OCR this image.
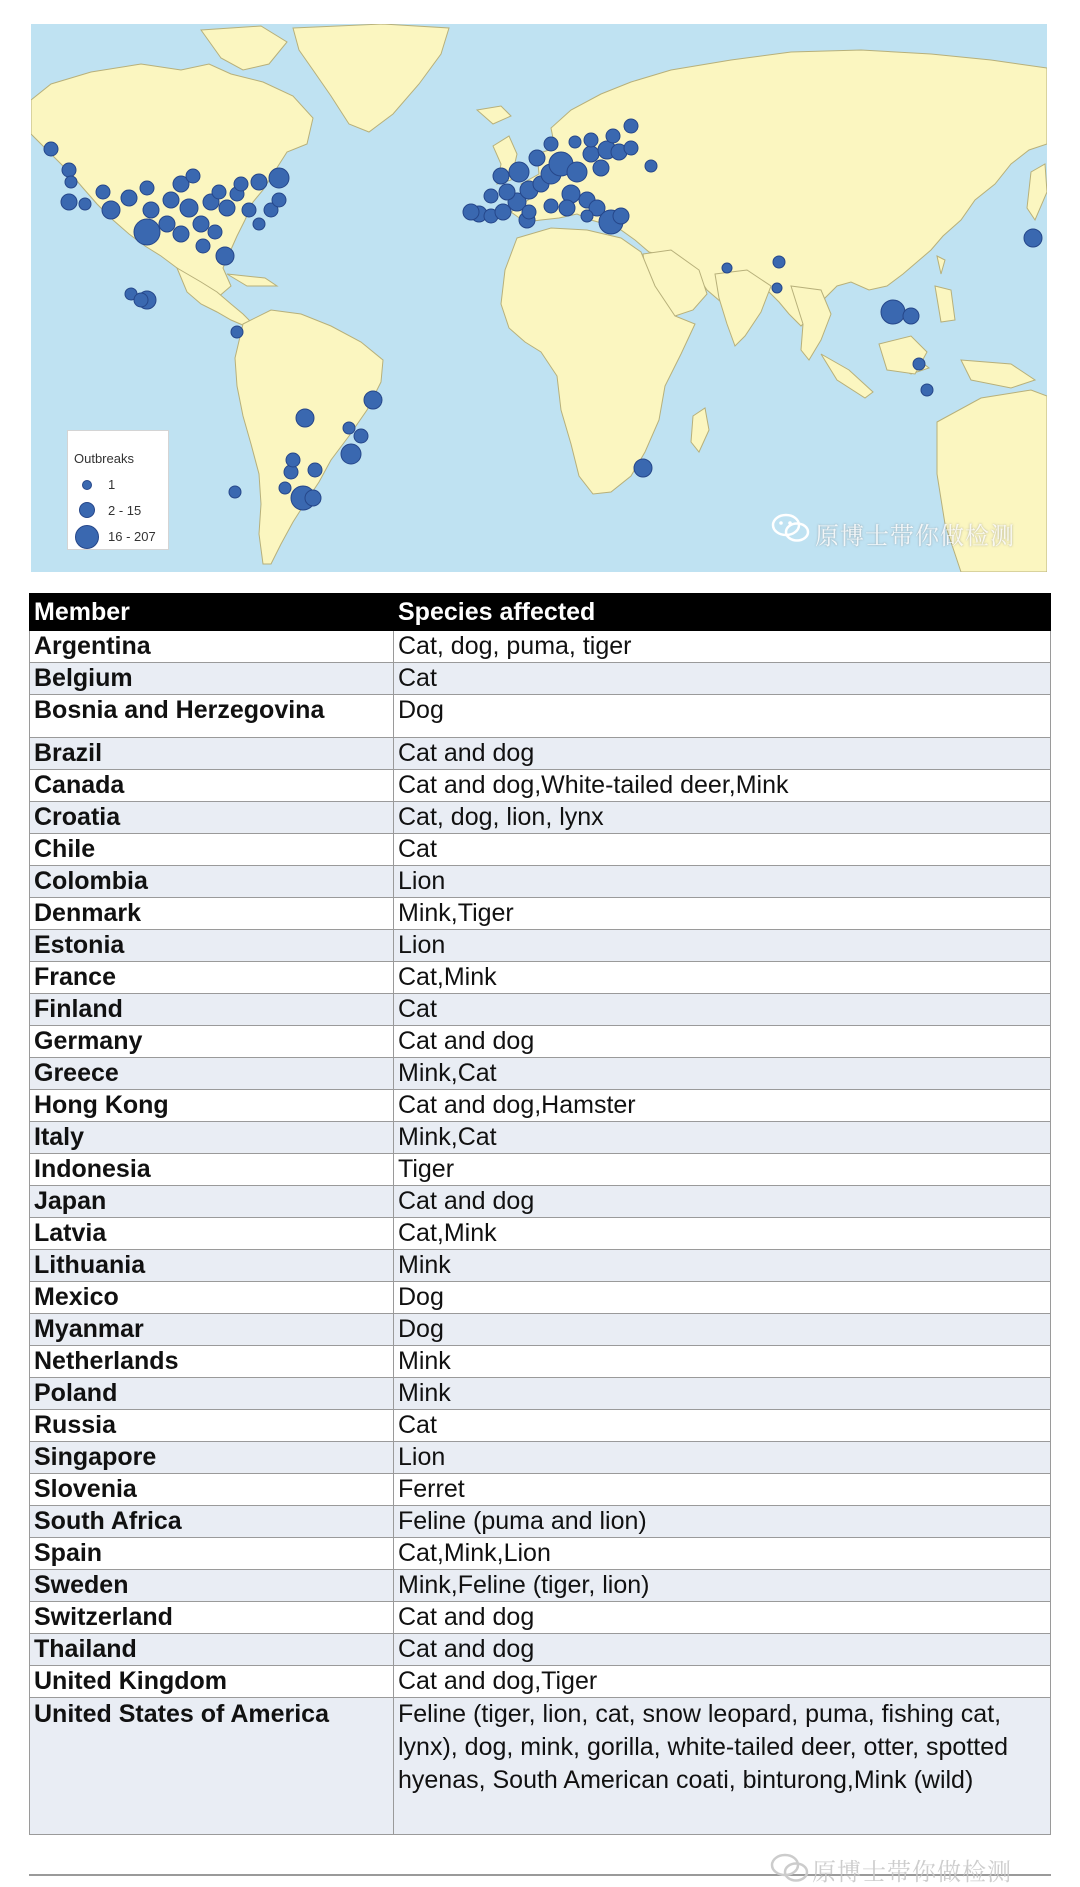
Outbreaks
1
2 - 15
16 - 207	原博士带你做检测
Member	Species affected
Argentina	Cat, dog, puma, tiger
Belgium	Cat
Bosnia and Herzegovina	Dog
Brazil	Cat and dog
Canada	Cat and dog,White-tailed deer,Mink
Croatia	Cat, dog, lion, lynx
Chile	Cat
Colombia	Lion
Denmark	Mink,Tiger
Estonia	Lion
France	Cat,Mink
Finland	Cat
Germany	Cat and dog
Greece	Mink,Cat
Hong Kong	Cat and dog,Hamster
Italy	Mink,Cat
Indonesia	Tiger
Japan	Cat and dog
Latvia	Cat,Mink
Lithuania	Mink
Mexico	Dog
Myanmar	Dog
Netherlands	Mink
Poland	Mink
Russia	Cat
Singapore	Lion
Slovenia	Ferret
South Africa	Feline (puma and lion)
Spain	Cat,Mink,Lion
Sweden	Mink,Feline (tiger, lion)
Switzerland	Cat and dog
Thailand	Cat and dog
United Kingdom	Cat and dog,Tiger
United States of America	Feline (tiger, lion, cat, snow leopard, puma, fishing cat, lynx), dog, mink, gorilla, white-tailed deer, otter, spotted hyenas, South American coati, binturong,Mink (wild)
原博士带你做检测
